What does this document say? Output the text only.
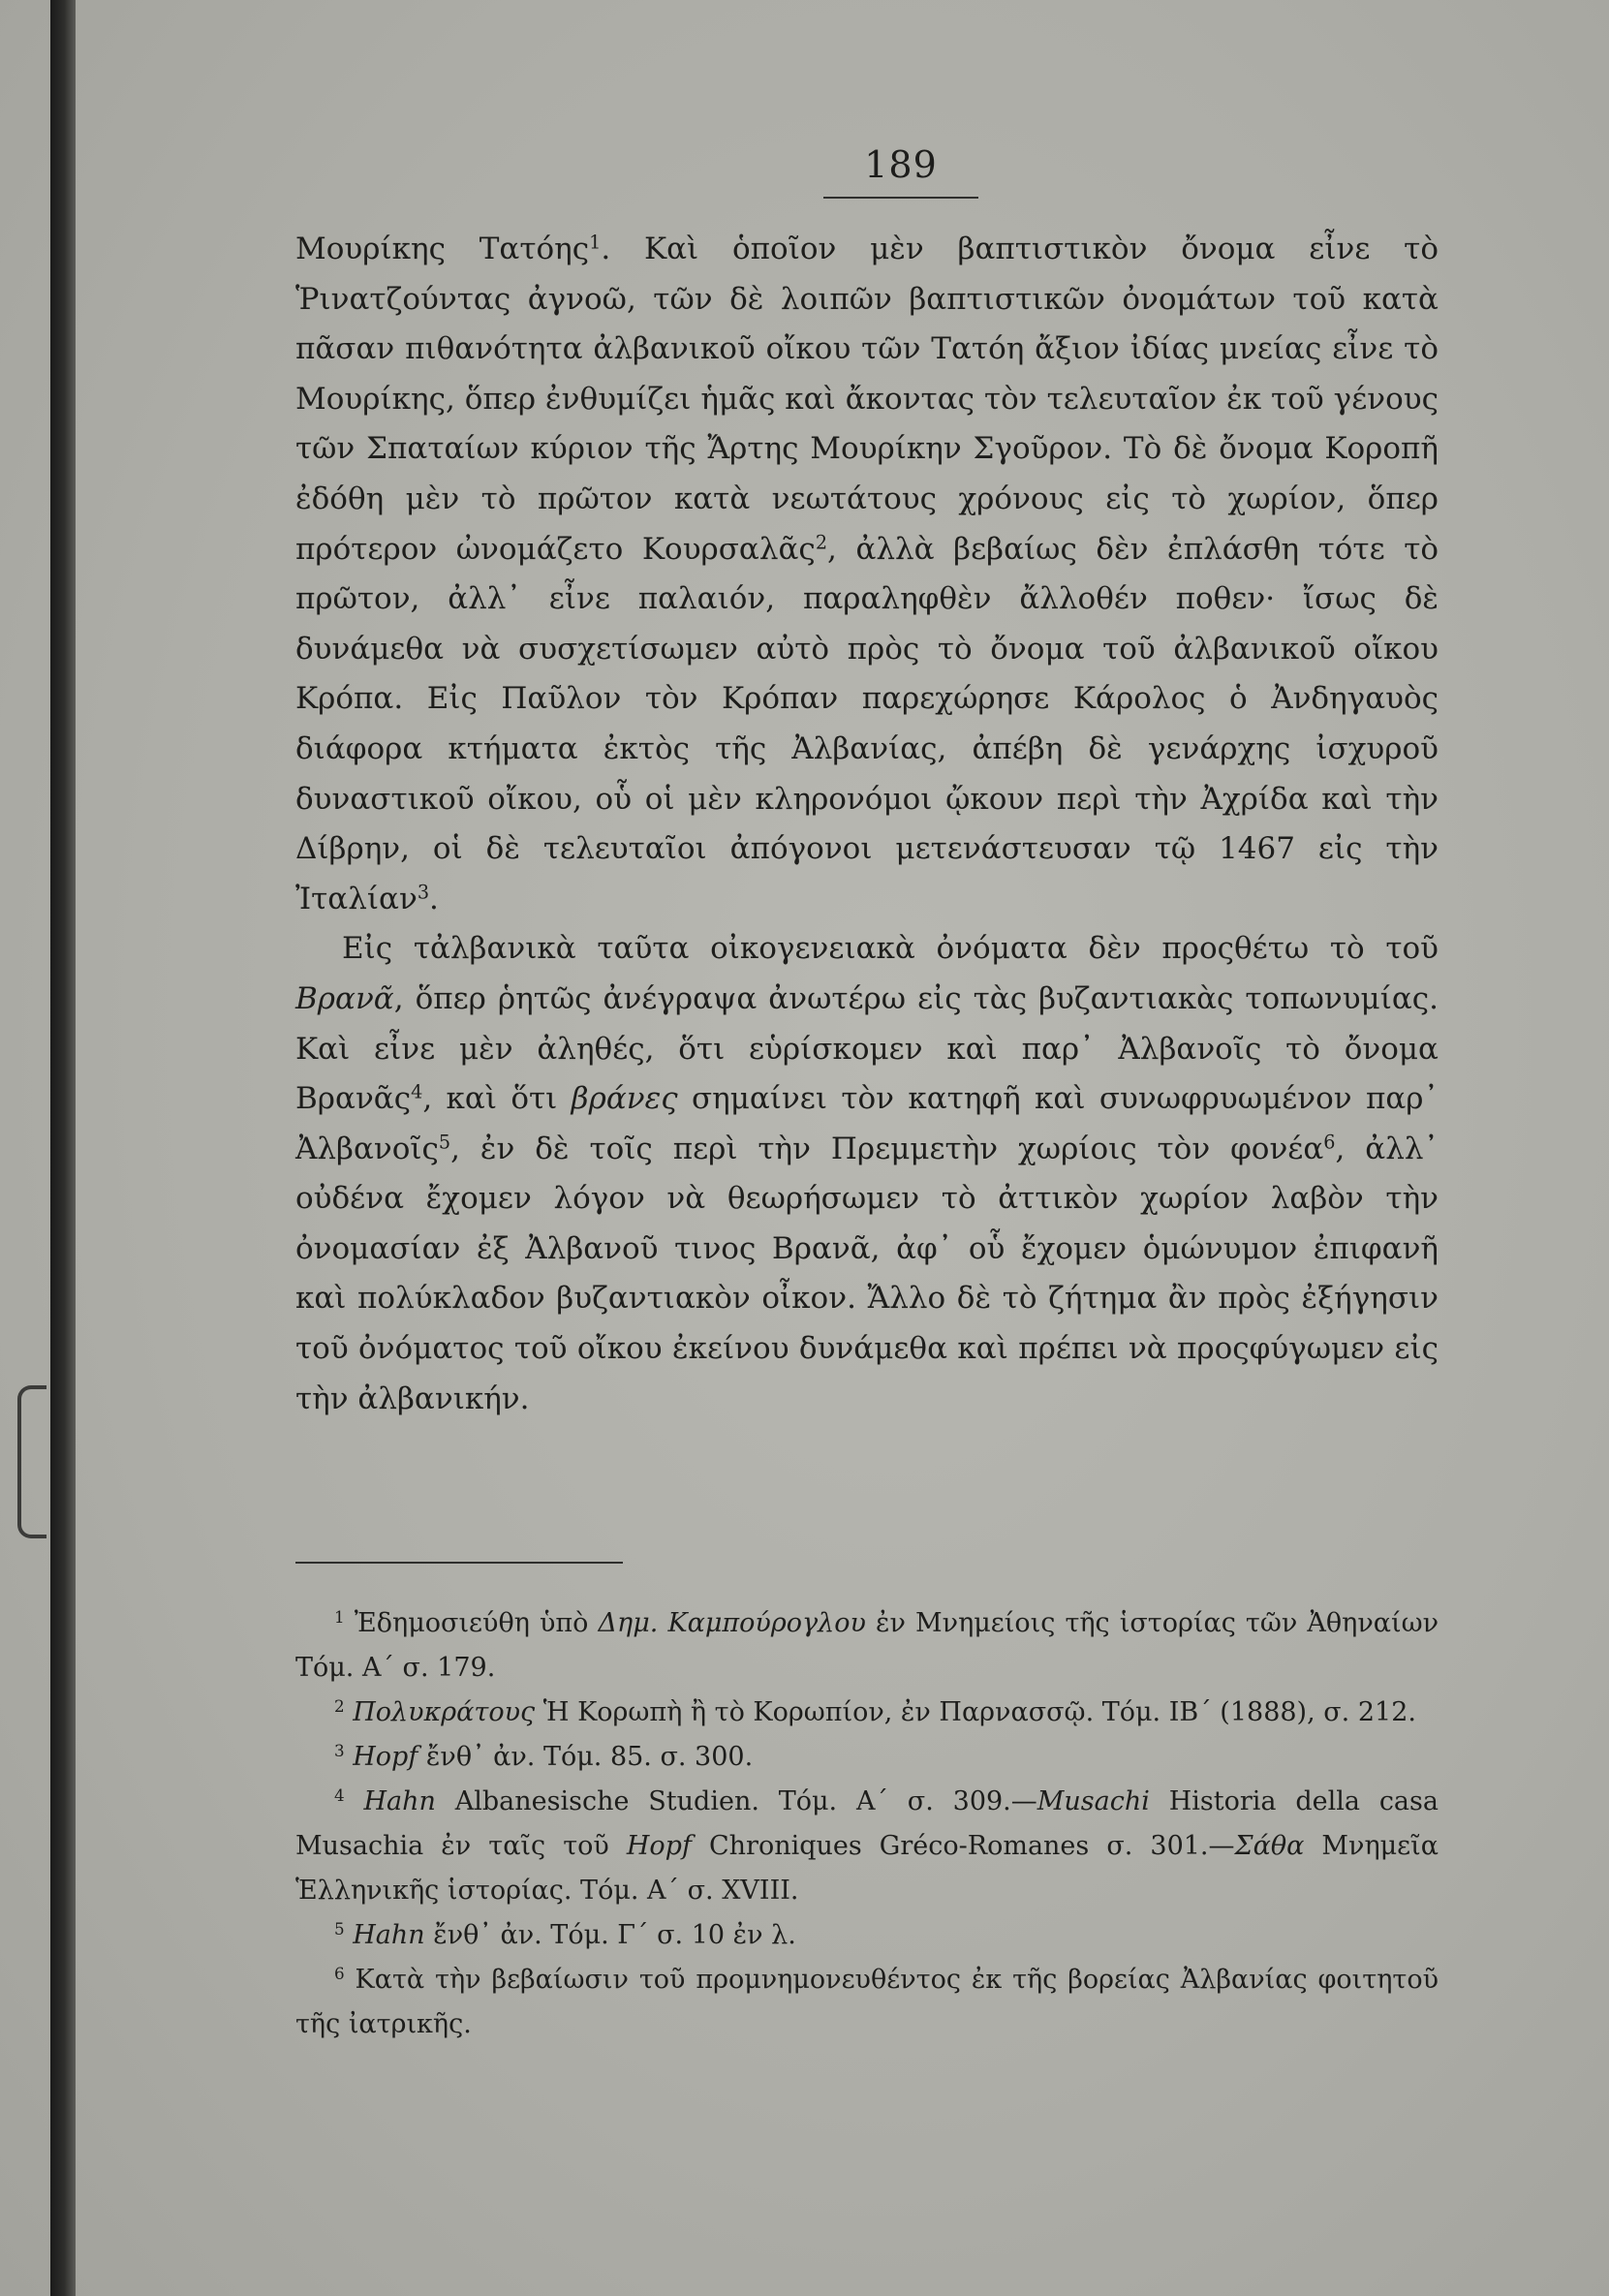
189

Μουρίκης Τατόης$^1$. Καὶ ὁποῖον μὲν βαπτιστικὸν ὄνομα εἶνε τὸ Ῥινατζούντας ἀγνοῶ, τῶν δὲ λοιπῶν βαπτιστικῶν ὀνομάτων τοῦ κατὰ πᾶσαν πιθανότητα ἀλβανικοῦ οἴκου τῶν Τατόη ἄξιον ἰδίας μνείας εἶνε τὸ Μουρίκης, ὅπερ ἐνθυμίζει ἡμᾶς καὶ ἄκοντας τὸν τελευταῖον ἐκ τοῦ γένους τῶν Σπαταίων κύριον τῆς Ἄρτης Μουρίκην Σγοῦρον. Τὸ δὲ ὄνομα Κοροπῆ ἐδόθη μὲν τὸ πρῶτον κατὰ νεωτάτους χρόνους εἰς τὸ χωρίον, ὅπερ πρότερον ὠνομάζετο Κουρσαλᾶς$^2$, ἀλλὰ βεβαίως δὲν ἐπλάσθη τότε τὸ πρῶτον, ἀλλ᾽ εἶνε παλαιόν, παραληφθὲν ἄλλοθέν ποθεν· ἴσως δὲ δυνάμεθα νὰ συσχετίσωμεν αὐτὸ πρὸς τὸ ὄνομα τοῦ ἀλβανικοῦ οἴκου Κρόπα. Εἰς Παῦλον τὸν Κρόπαν παρεχώρησε Κάρολος ὁ Ἀνδηγαυὸς διάφορα κτήματα ἐκτὸς τῆς Ἀλβανίας, ἀπέβη δὲ γενάρχης ἰσχυροῦ δυναστικοῦ οἴκου, οὗ οἱ μὲν κληρονόμοι ᾤκουν περὶ τὴν Ἀχρίδα καὶ τὴν Δίβρην, οἱ δὲ τελευταῖοι ἀπόγονοι μετενάστευσαν τῷ 1467 εἰς τὴν Ἰταλίαν$^3$.

Εἰς τἀλβανικὰ ταῦτα οἰκογενειακὰ ὀνόματα δὲν προςθέτω τὸ τοῦ Βρανᾶ, ὅπερ ῥητῶς ἀνέγραψα ἀνωτέρω εἰς τὰς βυζαντιακὰς τοπωνυμίας. Καὶ εἶνε μὲν ἀληθές, ὅτι εὑρίσκομεν καὶ παρ᾽ Ἀλβανοῖς τὸ ὄνομα Βρανᾶς$^4$, καὶ ὅτι βράνες σημαίνει τὸν κατηφῆ καὶ συνωφρυωμένον παρ᾽ Ἀλβανοῖς$^5$, ἐν δὲ τοῖς περὶ τὴν Πρεμμετὴν χωρίοις τὸν φονέα$^6$, ἀλλ᾽ οὐδένα ἔχομεν λόγον νὰ θεωρήσωμεν τὸ ἀττικὸν χωρίον λαβὸν τὴν ὀνομασίαν ἐξ Ἀλβανοῦ τινος Βρανᾶ, ἀφ᾽ οὗ ἔχομεν ὁμώνυμον ἐπιφανῆ καὶ πολύκλαδον βυζαντιακὸν οἶκον. Ἄλλο δὲ τὸ ζήτημα ἂν πρὸς ἐξήγησιν τοῦ ὀνόματος τοῦ οἴκου ἐκείνου δυνάμεθα καὶ πρέπει νὰ προςφύγωμεν εἰς τὴν ἀλβανικήν.

$^1$ Ἐδημοσιεύθη ὑπὸ Δημ. Καμπούρογλου ἐν Μνημείοις τῆς ἱστορίας τῶν Ἀθηναίων Τόμ. Α´ σ. 179.

$^2$ Πολυκράτους Ἡ Κορωπὴ ἢ τὸ Κορωπίον, ἐν Παρνασσῷ. Τόμ. ΙΒ´ (1888), σ. 212.

$^3$ Hopf ἔνθ᾽ ἀν. Τόμ. 85. σ. 300.

$^4$ Hahn Albanesische Studien. Τόμ. Α´ σ. 309.—Musachi Historia della casa Musachia ἐν ταῖς τοῦ Hopf Chroniques Gréco-Romanes σ. 301.—Σάθα Μνημεῖα Ἑλληνικῆς ἱστορίας. Τόμ. Α´ σ. XVIII.

$^5$ Hahn ἔνθ᾽ ἀν. Τόμ. Γ´ σ. 10 ἐν λ.

$^6$ Κατὰ τὴν βεβαίωσιν τοῦ προμνημονευθέντος ἐκ τῆς βορείας Ἀλβανίας φοιτητοῦ τῆς ἰατρικῆς.
